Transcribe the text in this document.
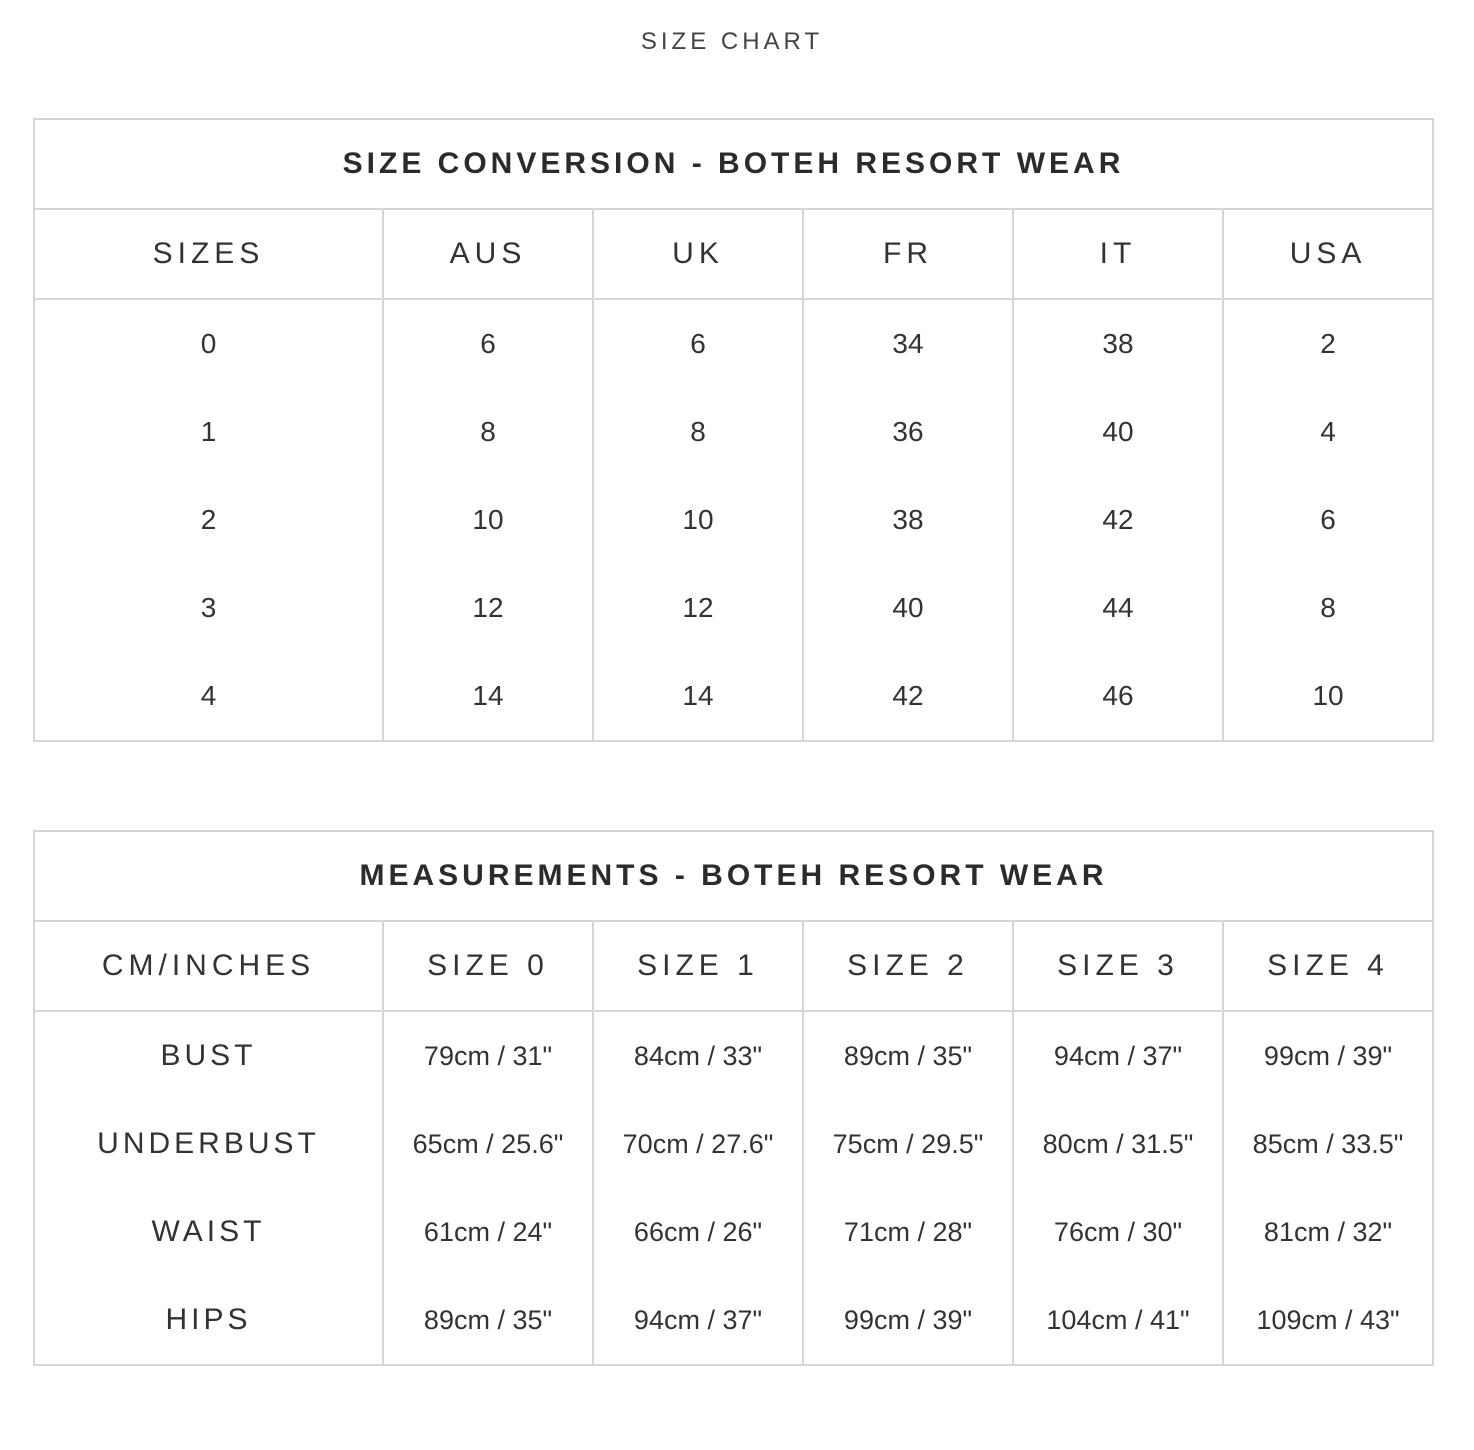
SIZE CHART
SIZE CONVERSION - BOTEH RESORT WEAR					
SIZES	AUS	UK	FR	IT	USA
0	6	6	34	38	2
1	8	8	36	40	4
2	10	10	38	42	6
3	12	12	40	44	8
4	14	14	42	46	10
MEASUREMENTS - BOTEH RESORT WEAR					
CM/INCHES	SIZE 0	SIZE 1	SIZE 2	SIZE 3	SIZE 4
BUST	79cm / 31"	84cm / 33"	89cm / 35"	94cm / 37"	99cm / 39"
UNDERBUST	65cm / 25.6"	70cm / 27.6"	75cm / 29.5"	80cm / 31.5"	85cm / 33.5"
WAIST	61cm / 24"	66cm / 26"	71cm / 28"	76cm / 30"	81cm / 32"
HIPS	89cm / 35"	94cm / 37"	99cm / 39"	104cm / 41"	109cm / 43"
